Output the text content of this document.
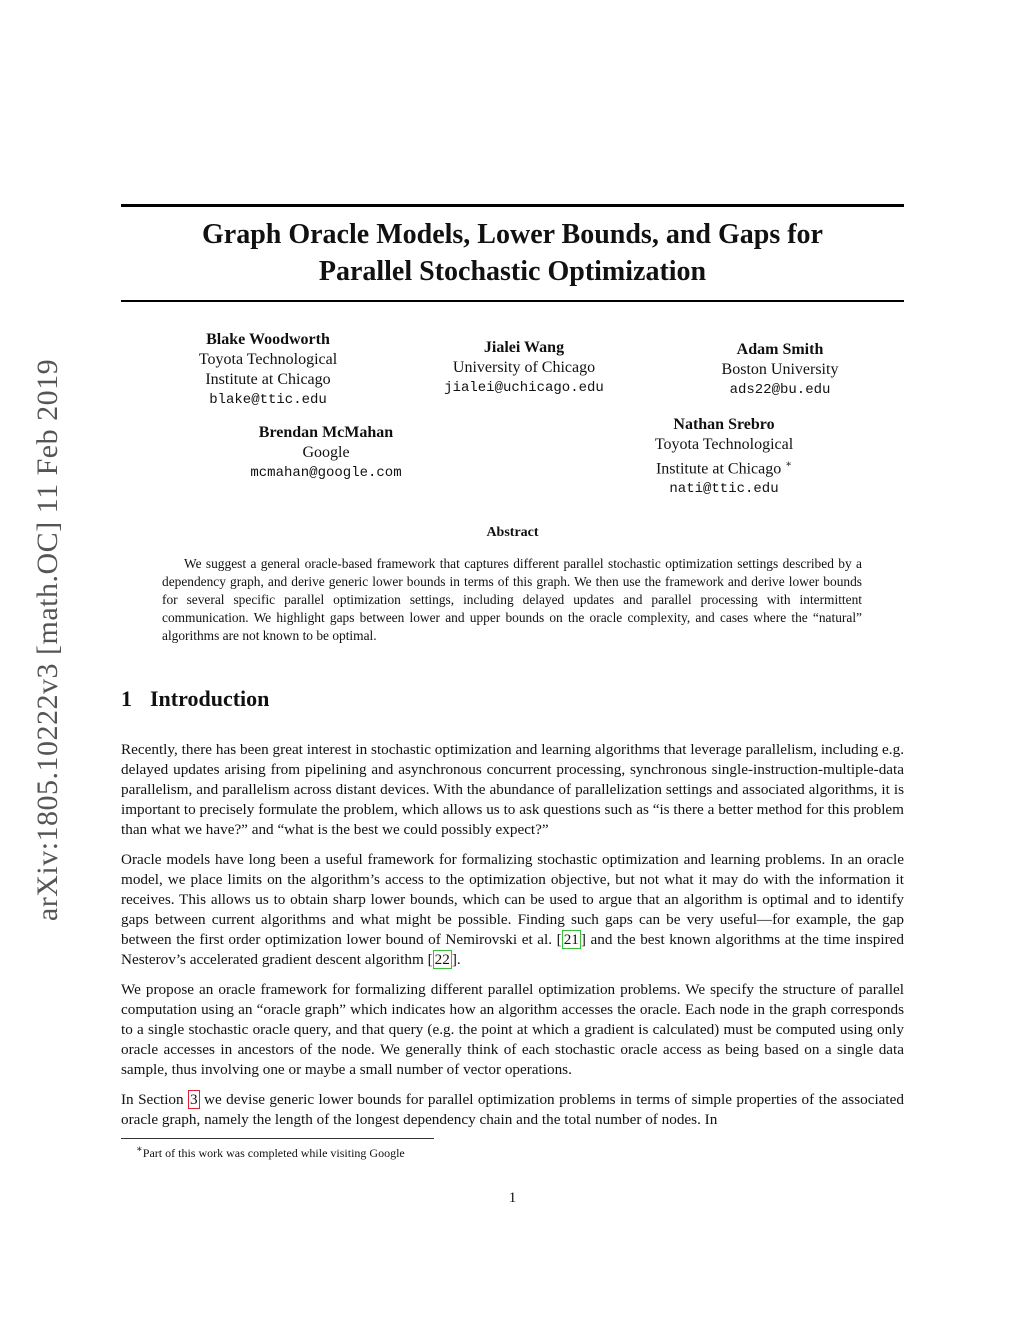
arXiv:1805.10222v3 [math.OC] 11 Feb 2019
Graph Oracle Models, Lower Bounds, and Gaps for
Parallel Stochastic Optimization
Blake Woodworth
Toyota Technological
Institute at Chicago
blake@ttic.edu
Jialei Wang
University of Chicago
jialei@uchicago.edu
Adam Smith
Boston University
ads22@bu.edu
Brendan McMahan
Google
mcmahan@google.com
Nathan Srebro
Toyota Technological
Institute at Chicago ∗
nati@ttic.edu
Abstract
We suggest a general oracle-based framework that captures different parallel stochastic optimization settings described by a dependency graph, and derive generic lower bounds in terms of this graph. We then use the framework and derive lower bounds for several specific parallel optimization settings, including delayed updates and parallel processing with intermittent communication. We highlight gaps between lower and upper bounds on the oracle complexity, and cases where the “natural” algorithms are not known to be optimal.
1 Introduction

Recently, there has been great interest in stochastic optimization and learning algorithms that leverage parallelism, including e.g. delayed updates arising from pipelining and asynchronous concurrent processing, synchronous single-instruction-multiple-data parallelism, and parallelism across distant devices. With the abundance of parallelization settings and associated algorithms, it is important to precisely formulate the problem, which allows us to ask questions such as “is there a better method for this problem than what we have?” and “what is the best we could possibly expect?”

Oracle models have long been a useful framework for formalizing stochastic optimization and learning problems. In an oracle model, we place limits on the algorithm’s access to the optimization objective, but not what it may do with the information it receives. This allows us to obtain sharp lower bounds, which can be used to argue that an algorithm is optimal and to identify gaps between current algorithms and what might be possible. Finding such gaps can be very useful—for example, the gap between the first order optimization lower bound of Nemirovski et al. [ 21 ] and the best known algorithms at the time inspired Nesterov’s accelerated gradient descent algorithm [ 22 ].

We propose an oracle framework for formalizing different parallel optimization problems. We specify the structure of parallel computation using an “oracle graph” which indicates how an algorithm accesses the oracle. Each node in the graph corresponds to a single stochastic oracle query, and that query (e.g. the point at which a gradient is calculated) must be computed using only oracle accesses in ancestors of the node. We generally think of each stochastic oracle access as being based on a single data sample, thus involving one or maybe a small number of vector operations.

In Section 3 we devise generic lower bounds for parallel optimization problems in terms of simple properties of the associated oracle graph, namely the length of the longest dependency chain and the total number of nodes. In

∗Part of this work was completed while visiting Google
1
